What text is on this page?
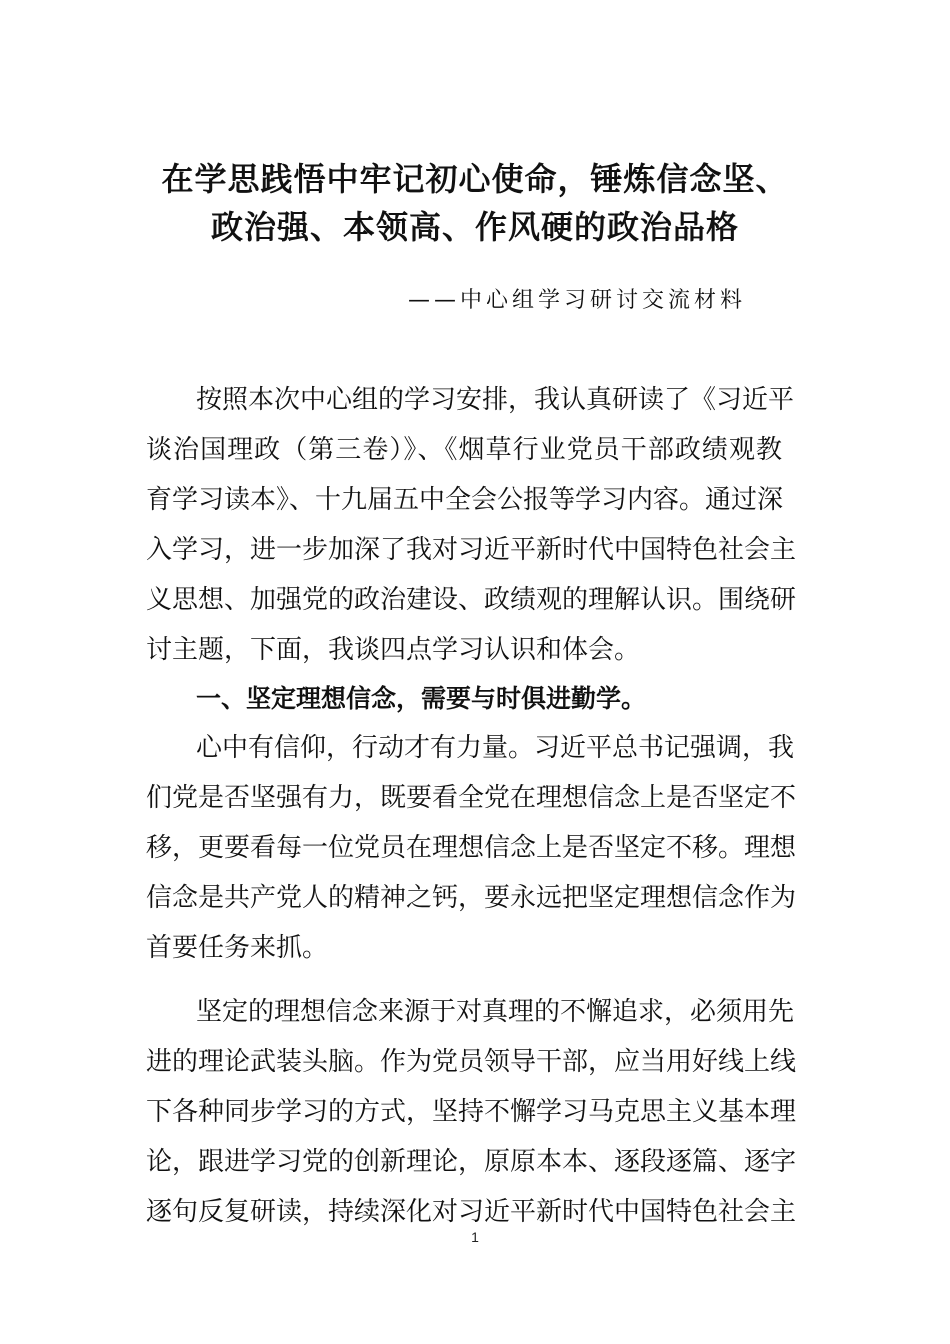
在学思践悟中牢记初心使命，锤炼信念坚、
政治强、本领高、作风硬的政治品格
——中心组学习研讨交流材料
按照本次中心组的学习安排，我认真研读了《习近平
谈治国理政（第三卷）》、《烟草行业党员干部政绩观教
育学习读本》、十九届五中全会公报等学习内容。通过深
入学习，进一步加深了我对习近平新时代中国特色社会主
义思想、加强党的政治建设、政绩观的理解认识。围绕研
讨主题，下面，我谈四点学习认识和体会。
一、坚定理想信念，需要与时俱进勤学。
心中有信仰，行动才有力量。习近平总书记强调，我
们党是否坚强有力，既要看全党在理想信念上是否坚定不
移，更要看每一位党员在理想信念上是否坚定不移。理想
信念是共产党人的精神之钙，要永远把坚定理想信念作为
首要任务来抓。
坚定的理想信念来源于对真理的不懈追求，必须用先
进的理论武装头脑。作为党员领导干部，应当用好线上线
下各种同步学习的方式，坚持不懈学习马克思主义基本理
论，跟进学习党的创新理论，原原本本、逐段逐篇、逐字
逐句反复研读，持续深化对习近平新时代中国特色社会主
1
